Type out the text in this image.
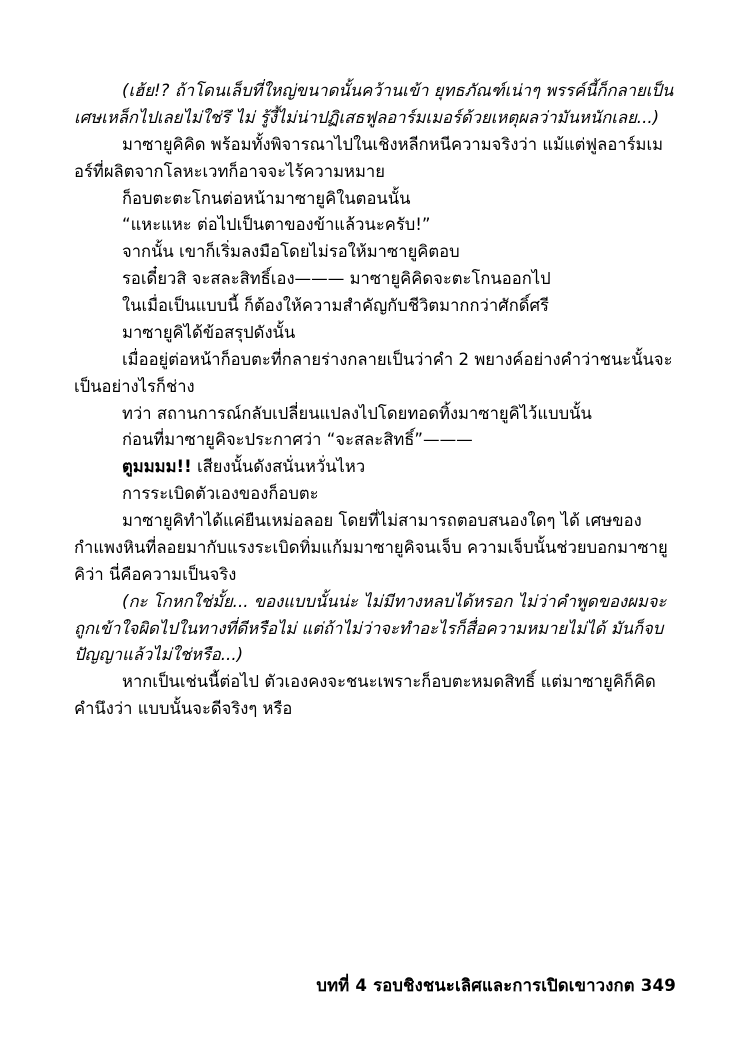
(เฮ้ย!? ถ้าโดนเล็บที่ใหญ่ขนาดนั้นคว้านเข้า ยุทธภัณฑ์เน่าๆ พรรค์นี้ก็กลายเป็นเศษเหล็กไปเลยไม่ใช่รึ ไม่ รู้งี้ไม่น่าปฏิเสธฟูลอาร์มเมอร์ด้วยเหตุผลว่ามันหนักเลย...)

มาซายูคิคิด พร้อมทั้งพิจารณาไปในเชิงหลีกหนีความจริงว่า แม้แต่ฟูลอาร์มเมอร์ที่ผลิตจากโลหะเวทก็อาจจะไร้ความหมาย

ก็อบตะตะโกนต่อหน้ามาซายูคิในตอนนั้น

“แหะแหะ ต่อไปเป็นตาของข้าแล้วนะครับ!”

จากนั้น เขาก็เริ่มลงมือโดยไม่รอให้มาซายูคิตอบ

รอเดี๋ยวสิ จะสละสิทธิ์เอง——— มาซายูคิคิดจะตะโกนออกไป

ในเมื่อเป็นแบบนี้ ก็ต้องให้ความสำคัญกับชีวิตมากกว่าศักดิ์ศรี

มาซายูคิได้ข้อสรุปดังนั้น

เมื่ออยู่ต่อหน้าก็อบตะที่กลายร่างกลายเป็นว่าคำ 2 พยางค์อย่างคำว่าชนะนั้นจะเป็นอย่างไรก็ช่าง

ทว่า สถานการณ์กลับเปลี่ยนแปลงไปโดยทอดทิ้งมาซายูคิไว้แบบนั้น

ก่อนที่มาซายูคิจะประกาศว่า “จะสละสิทธิ์”———

ตูมมมม!! เสียงนั้นดังสนั่นหวั่นไหว

การระเบิดตัวเองของก็อบตะ

มาซายูคิทำได้แค่ยืนเหม่อลอย โดยที่ไม่สามารถตอบสนองใดๆ ได้ เศษของกำแพงหินที่ลอยมากับแรงระเบิดทิ่มแก้มมาซายูคิจนเจ็บ ความเจ็บนั้นช่วยบอกมาซายูคิว่า นี่คือความเป็นจริง

(กะ โกหกใช่มั้ย... ของแบบนั้นน่ะ ไม่มีทางหลบได้หรอก ไม่ว่าคำพูดของผมจะถูกเข้าใจผิดไปในทางที่ดีหรือไม่ แต่ถ้าไม่ว่าจะทำอะไรก็สื่อความหมายไม่ได้ มันก็จบปัญญาแล้วไม่ใช่หรือ...)

หากเป็นเช่นนี้ต่อไป ตัวเองคงจะชนะเพราะก็อบตะหมดสิทธิ์ แต่มาซายูคิก็คิดคำนึงว่า แบบนั้นจะดีจริงๆ หรือ

บทที่ 4 รอบชิงชนะเลิศและการเปิดเขาวงกต 349
